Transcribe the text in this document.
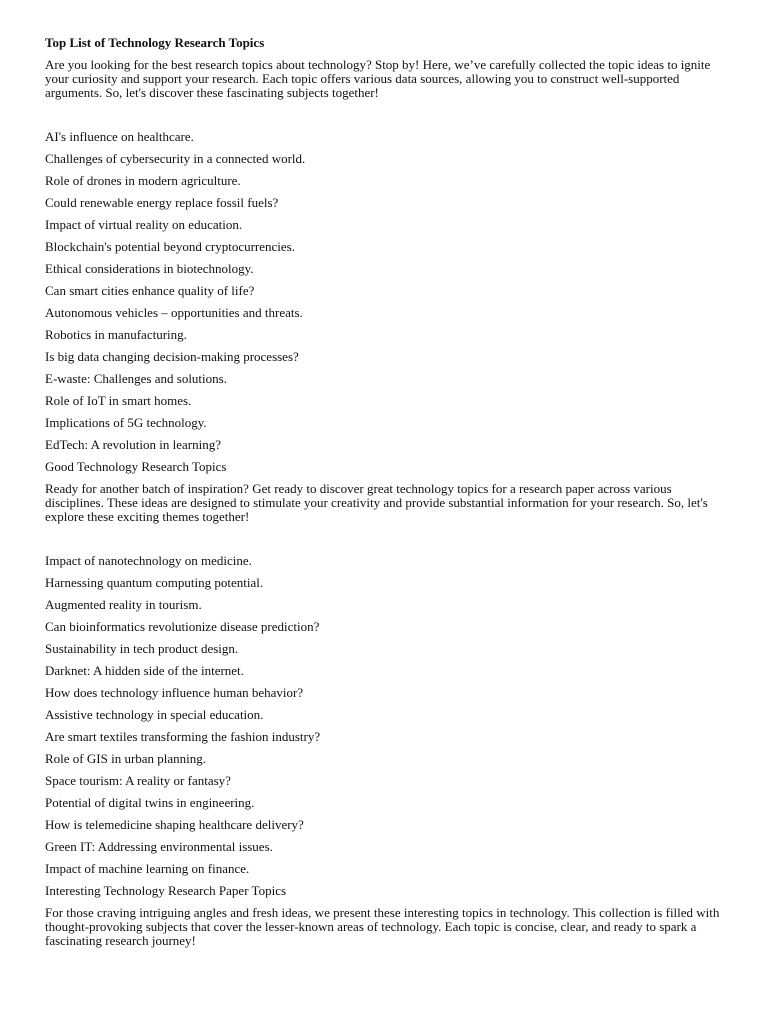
Top List of Technology Research Topics

Are you looking for the best research topics about technology? Stop by! Here, we’ve carefully collected the topic ideas to ignite your curiosity and support your research. Each topic offers various data sources, allowing you to construct well-supported arguments. So, let's discover these fascinating subjects together!

AI's influence on healthcare.
Challenges of cybersecurity in a connected world.
Role of drones in modern agriculture.
Could renewable energy replace fossil fuels?
Impact of virtual reality on education.
Blockchain's potential beyond cryptocurrencies.
Ethical considerations in biotechnology.
Can smart cities enhance quality of life?
Autonomous vehicles – opportunities and threats.
Robotics in manufacturing.
Is big data changing decision-making processes?
E-waste: Challenges and solutions.
Role of IoT in smart homes.
Implications of 5G technology.
EdTech: A revolution in learning?
Good Technology Research Topics

Ready for another batch of inspiration? Get ready to discover great technology topics for a research paper across various disciplines. These ideas are designed to stimulate your creativity and provide substantial information for your research. So, let's explore these exciting themes together!

Impact of nanotechnology on medicine.
Harnessing quantum computing potential.
Augmented reality in tourism.
Can bioinformatics revolutionize disease prediction?
Sustainability in tech product design.
Darknet: A hidden side of the internet.
How does technology influence human behavior?
Assistive technology in special education.
Are smart textiles transforming the fashion industry?
Role of GIS in urban planning.
Space tourism: A reality or fantasy?
Potential of digital twins in engineering.
How is telemedicine shaping healthcare delivery?
Green IT: Addressing environmental issues.
Impact of machine learning on finance.
Interesting Technology Research Paper Topics

For those craving intriguing angles and fresh ideas, we present these interesting topics in technology. This collection is filled with thought-provoking subjects that cover the lesser-known areas of technology. Each topic is concise, clear, and ready to spark a fascinating research journey!
